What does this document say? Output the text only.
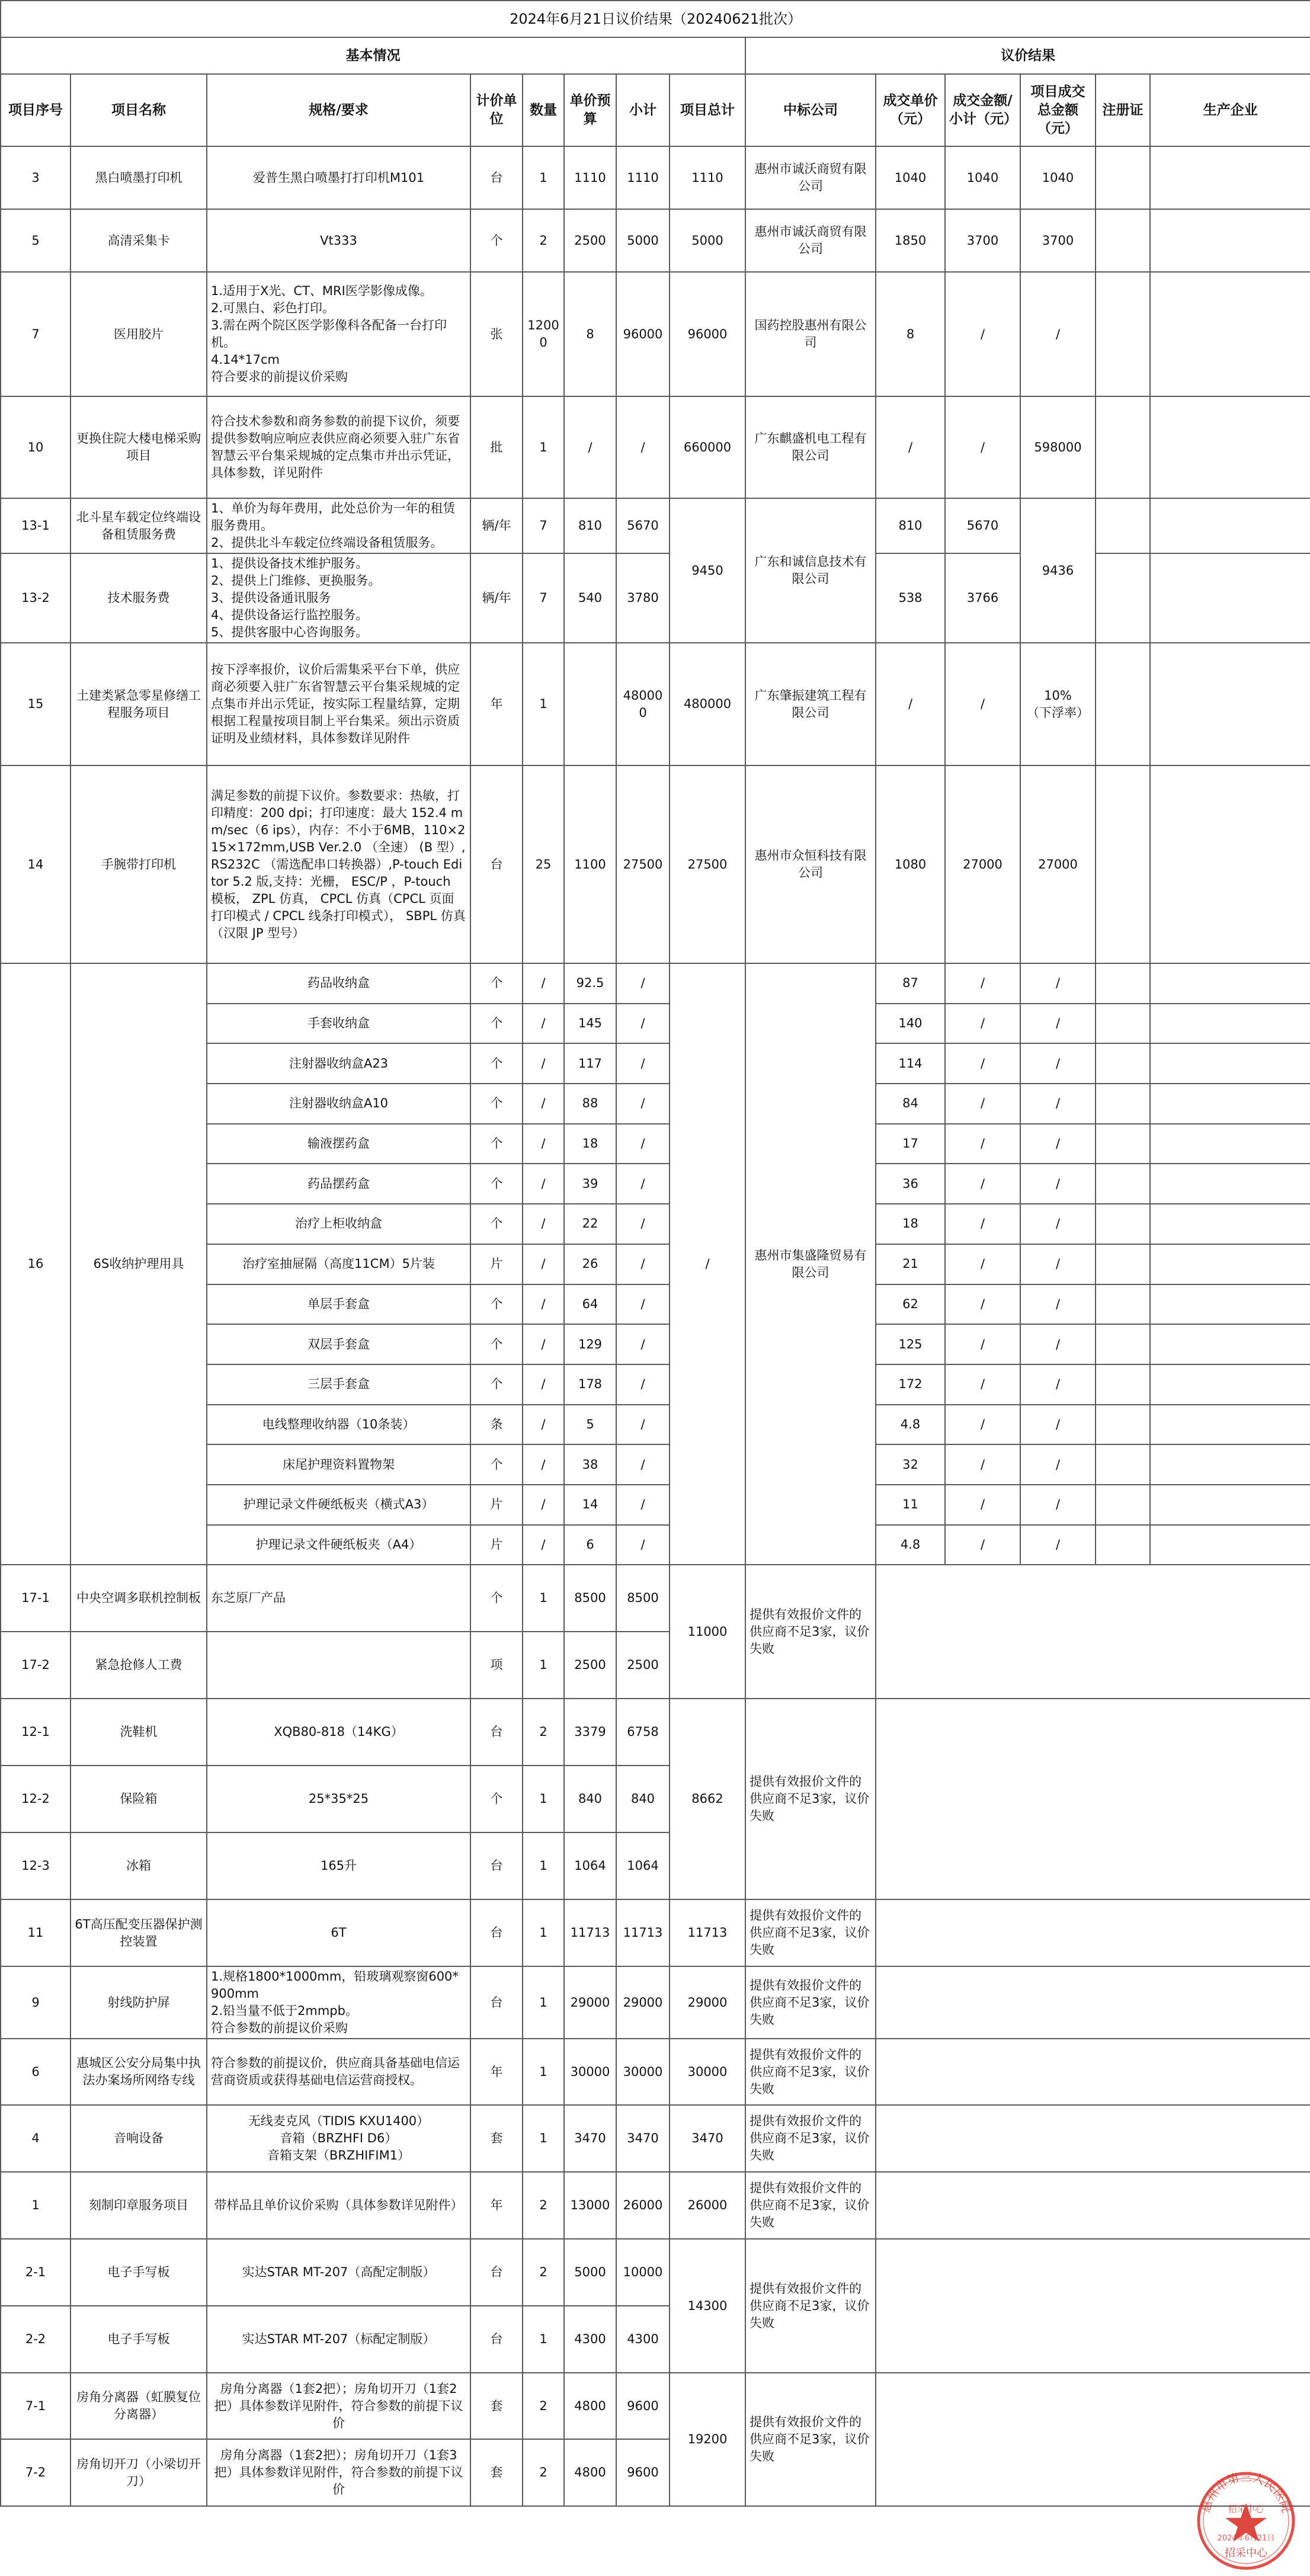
2024年6月21日议价结果（20240621批次）													
基本情况								议价结果					
项目序号	项目名称	规格/要求	计价单位	数量	单价预算	小计	项目总计	中标公司	成交单价（元）	成交金额/小计（元）	项目成交总金额（元）	注册证	生产企业
3	黑白喷墨打印机	爱普生黑白喷墨打打印机M101	台	1	1110	1110	1110	惠州市诚沃商贸有限公司	1040	1040	1040		
5	高清采集卡	Vt333	个	2	2500	5000	5000	惠州市诚沃商贸有限公司	1850	3700	3700		
7	医用胶片	1.适用于X光、CT、MRI医学影像成像。
2.可黑白、彩色打印。
3.需在两个院区医学影像科各配备一台打印机。
4.14*17cm
符合要求的前提议价采购	张	12000	8	96000	96000	国药控股惠州有限公司	8	/	/		
10	更换住院大楼电梯采购项目	符合技术参数和商务参数的前提下议价，须要提供参数响应响应表供应商必须要入驻广东省智慧云平台集采规城的定点集市并出示凭证，具体参数，详见附件	批	1	/	/	660000	广东麒盛机电工程有限公司	/	/	598000		
13-1	北斗星车载定位终端设备租赁服务费	1、单价为每年费用，此处总价为一年的租赁服务费用。
2、提供北斗车载定位终端设备租赁服务。	辆/年	7	810	5670	9450	广东和诚信息技术有限公司	810	5670	9436		
13-2	技术服务费	1、提供设备技术维护服务。
2、提供上门维修、更换服务。
3、提供设备通讯服务
4、提供设备运行监控服务。
5、提供客服中心咨询服务。	辆/年	7	540	3780			538	3766			
15	土建类紧急零星修缮工程服务项目	按下浮率报价，议价后需集采平台下单，供应商必须要入驻广东省智慧云平台集采规城的定点集市并出示凭证，按实际工程量结算，定期根据工程量按项目制上平台集采。须出示资质证明及业绩材料，具体参数详见附件	年	1		480000	480000	广东肇振建筑工程有限公司	/	/	10%
（下浮率）		
14	手腕带打印机	满足参数的前提下议价。参数要求：热敏，打印精度：200 dpi；打印速度：最大 152.4 mm/sec（6 ips），内存：不小于6MB，110×215×172mm,USB Ver.2.0 （全速） (B 型）,RS232C （需选配串口转换器）,P-touch Editor 5.2 版,支持：光栅， ESC/P ，P-touch 模板， ZPL 仿真， CPCL 仿真（CPCL 页面打印模式 / CPCL 线条打印模式）， SBPL 仿真（汉限 JP 型号）	台	25	1100	27500	27500	惠州市众恒科技有限公司	1080	27000	27000		
16	6S收纳护理用具	药品收纳盒	个	/	92.5	/	/	惠州市集盛隆贸易有限公司	87	/	/		
		手套收纳盒	个	/	145	/			140	/	/		
		注射器收纳盒A23	个	/	117	/			114	/	/		
		注射器收纳盒A10	个	/	88	/			84	/	/		
		输液摆药盒	个	/	18	/			17	/	/		
		药品摆药盒	个	/	39	/			36	/	/		
		治疗上柜收纳盒	个	/	22	/			18	/	/		
		治疗室抽屉隔（高度11CM）5片装	片	/	26	/			21	/	/		
		单层手套盒	个	/	64	/			62	/	/		
		双层手套盒	个	/	129	/			125	/	/		
		三层手套盒	个	/	178	/			172	/	/		
		电线整理收纳器（10条装）	条	/	5	/			4.8	/	/		
		床尾护理资料置物架	个	/	38	/			32	/	/		
		护理记录文件硬纸板夹（横式A3）	片	/	14	/			11	/	/		
		护理记录文件硬纸板夹（A4）	片	/	6	/			4.8	/	/		
17-1	中央空调多联机控制板	东芝原厂产品	个	1	8500	8500	11000	提供有效报价文件的供应商不足3家，议价失败					
17-2	紧急抢修人工费		项	1	2500	2500							
12-1	洗鞋机	XQB80-818（14KG）	台	2	3379	6758	8662	提供有效报价文件的供应商不足3家，议价失败					
12-2	保险箱	25*35*25	个	1	840	840							
12-3	冰箱	165升	台	1	1064	1064							
11	6T高压配变压器保护测控装置	6T	台	1	11713	11713	11713	提供有效报价文件的供应商不足3家，议价失败					
9	射线防护屏	1.规格1800*1000mm，铅玻璃观察窗600*900mm
2.铅当量不低于2mmpb。
符合参数的前提议价采购	台	1	29000	29000	29000	提供有效报价文件的供应商不足3家，议价失败					
6	惠城区公安分局集中执法办案场所网络专线	符合参数的前提议价，供应商具备基础电信运营商资质或获得基础电信运营商授权。	年	1	30000	30000	30000	提供有效报价文件的供应商不足3家，议价失败					
4	音响设备	无线麦克风（TIDIS KXU1400）
音箱（BRZHFI D6）
音箱支架（BRZHIFIM1）	套	1	3470	3470	3470	提供有效报价文件的供应商不足3家，议价失败					
1	刻制印章服务项目	带样品且单价议价采购（具体参数详见附件）	年	2	13000	26000	26000	提供有效报价文件的供应商不足3家，议价失败					
2-1	电子手写板	实达STAR MT-207（高配定制版）	台	2	5000	10000	14300	提供有效报价文件的供应商不足3家，议价失败					
2-2	电子手写板	实达STAR MT-207（标配定制版）	台	1	4300	4300							
7-1	房角分离器（虹膜复位分离器）	房角分离器（1套2把）；房角切开刀（1套2把）具体参数详见附件，符合参数的前提下议价	套	2	4800	9600	19200	提供有效报价文件的供应商不足3家，议价失败					
7-2	房角切开刀（小梁切开刀）	房角分离器（1套2把）；房角切开刀（1套3把）具体参数详见附件，符合参数的前提下议价	套	2	4800	9600							
惠州市第三人民医院
招采中心
2024年6月21日
招采中心
